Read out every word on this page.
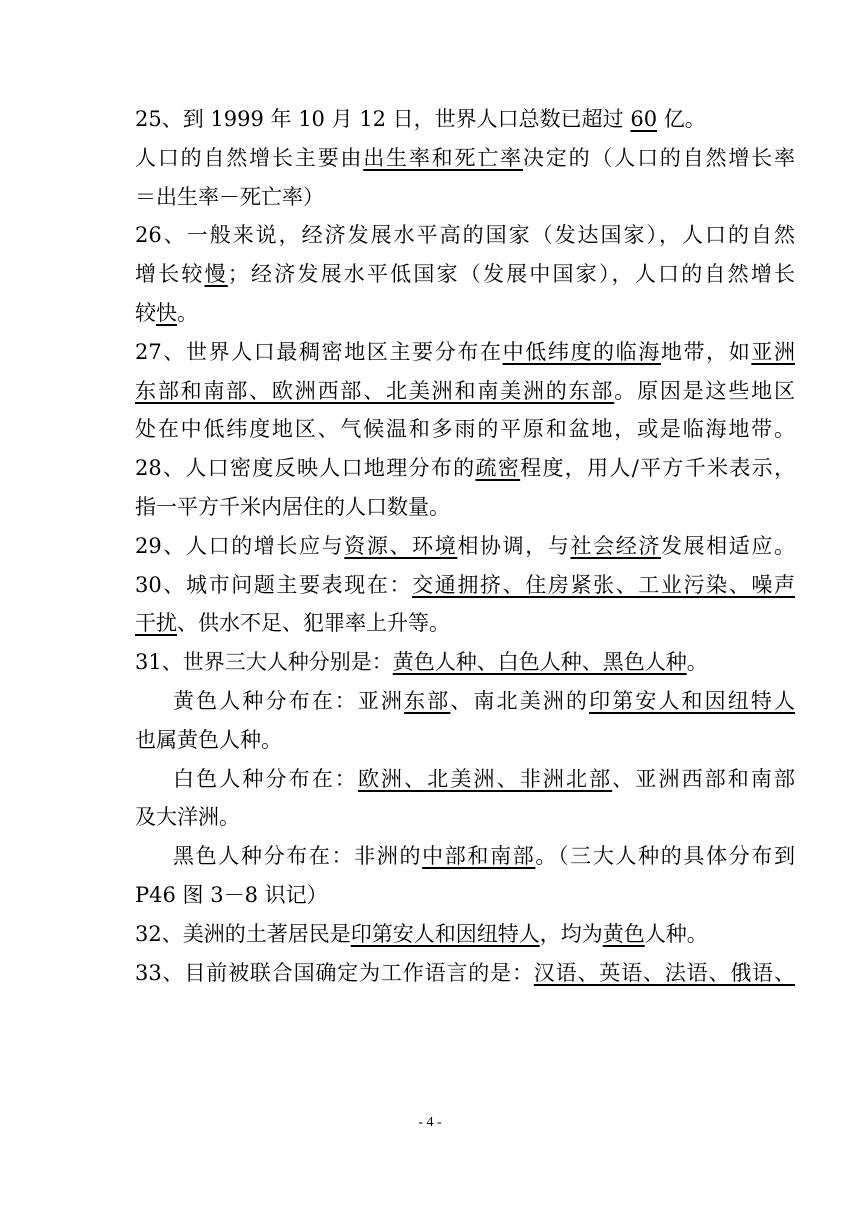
25、到 1999 年 10 月 12 日，世界人口总数已超过 60 亿。
人口的自然增长主要由出生率和死亡率决定的（人口的自然增长率
＝出生率－死亡率）
26、一般来说，经济发展水平高的国家（发达国家），人口的自然
增长较慢；经济发展水平低国家（发展中国家），人口的自然增长
较快。
27、世界人口最稠密地区主要分布在中低纬度的临海地带，如亚洲
东部和南部、欧洲西部、北美洲和南美洲的东部。原因是这些地区
处在中低纬度地区、气候温和多雨的平原和盆地，或是临海地带。
28、人口密度反映人口地理分布的疏密程度，用人/平方千米表示，
指一平方千米内居住的人口数量。
29、人口的增长应与资源、环境相协调，与社会经济发展相适应。
30、城市问题主要表现在：交通拥挤、住房紧张、工业污染、噪声
干扰、供水不足、犯罪率上升等。
31、世界三大人种分别是：黄色人种、白色人种、黑色人种。
黄色人种分布在：亚洲东部、南北美洲的印第安人和因纽特人
也属黄色人种。
白色人种分布在：欧洲、北美洲、非洲北部、亚洲西部和南部
及大洋洲。
黑色人种分布在：非洲的中部和南部。（三大人种的具体分布到
P46 图 3－8 识记）
32、美洲的土著居民是印第安人和因纽特人，均为黄色人种。
33、目前被联合国确定为工作语言的是：汉语、英语、法语、俄语、
- 4 -
